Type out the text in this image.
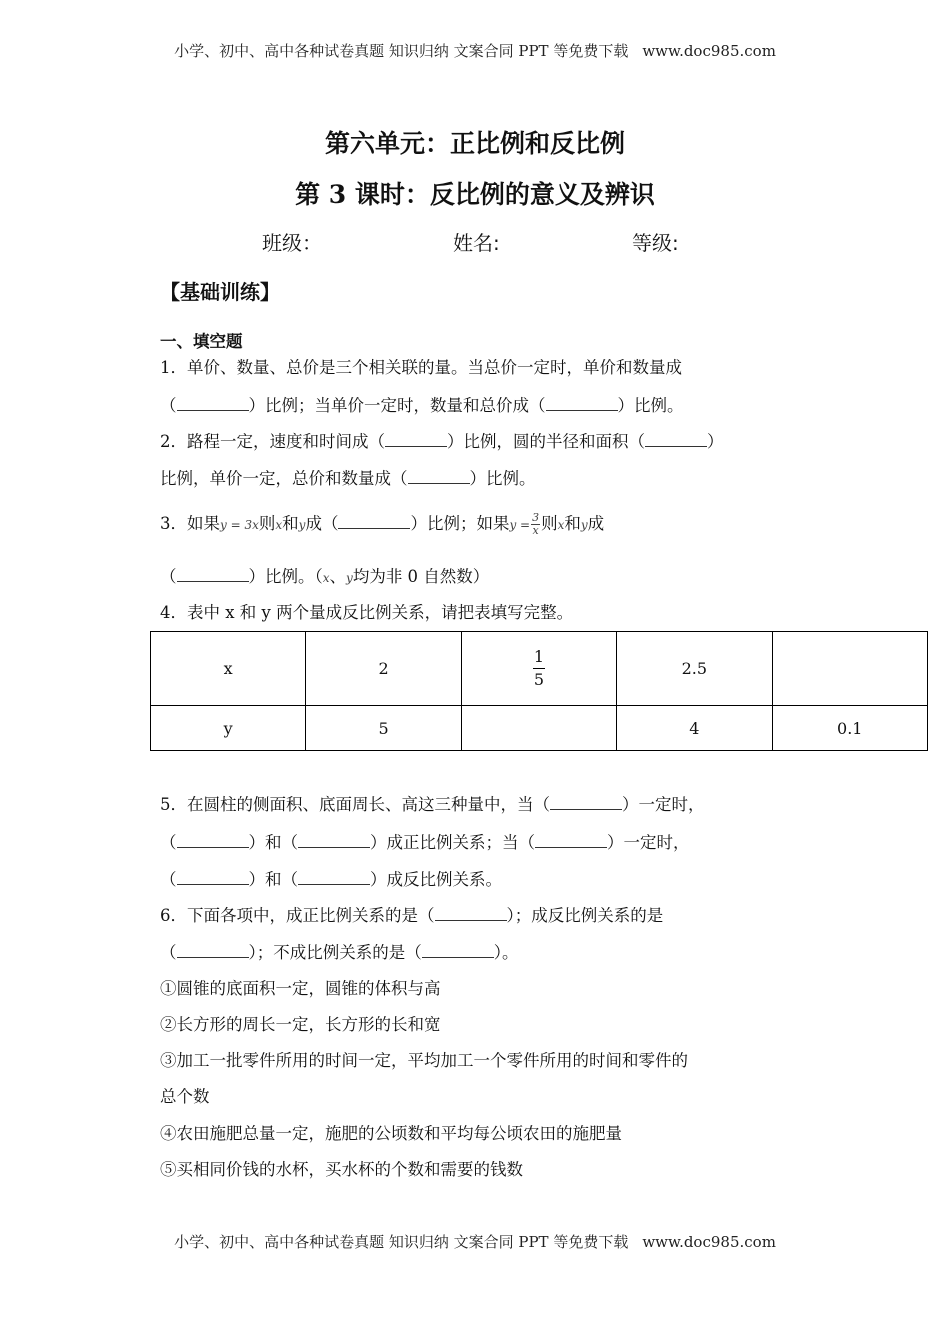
小学、初中、高中各种试卷真题 知识归纳 文案合同 PPT 等免费下载 www.doc985.com
第六单元：正比例和反比例
第 3 课时：反比例的意义及辨识
班级：	姓名:	等级:
【基础训练】
一、填空题
1．单价、数量、总价是三个相关联的量。当总价一定时，单价和数量成
（	）比例；当单价一定时，数量和总价成（	）比例。
2．路程一定，速度和时间成（	）比例，圆的半径和面积（	）
比例，单价一定，总价和数量成（	）比例。
3．如果y = 3x则x和y成（	）比例；如果$y = \frac{3}{x}$ 则x和y成
（	）比例。（x、y均为非 0 自然数）
4．表中 x 和 y 两个量成反比例关系，请把表填写完整。
x	2	$\frac{1}{5}$	2.5	
y	5		4	0.1
5．在圆柱的侧面积、底面周长、高这三种量中，当（	）一定时，
（	）和（	）成正比例关系；当（	）一定时，
（	）和（	）成反比例关系。
6．下面各项中，成正比例关系的是（	）；成反比例关系的是
（	）；不成比例关系的是（	）。
①圆锥的底面积一定，圆锥的体积与高
②长方形的周长一定，长方形的长和宽
③加工一批零件所用的时间一定，平均加工一个零件所用的时间和零件的
总个数
④农田施肥总量一定，施肥的公顷数和平均每公顷农田的施肥量
⑤买相同价钱的水杯，买水杯的个数和需要的钱数
小学、初中、高中各种试卷真题 知识归纳 文案合同 PPT 等免费下载 www.doc985.com
